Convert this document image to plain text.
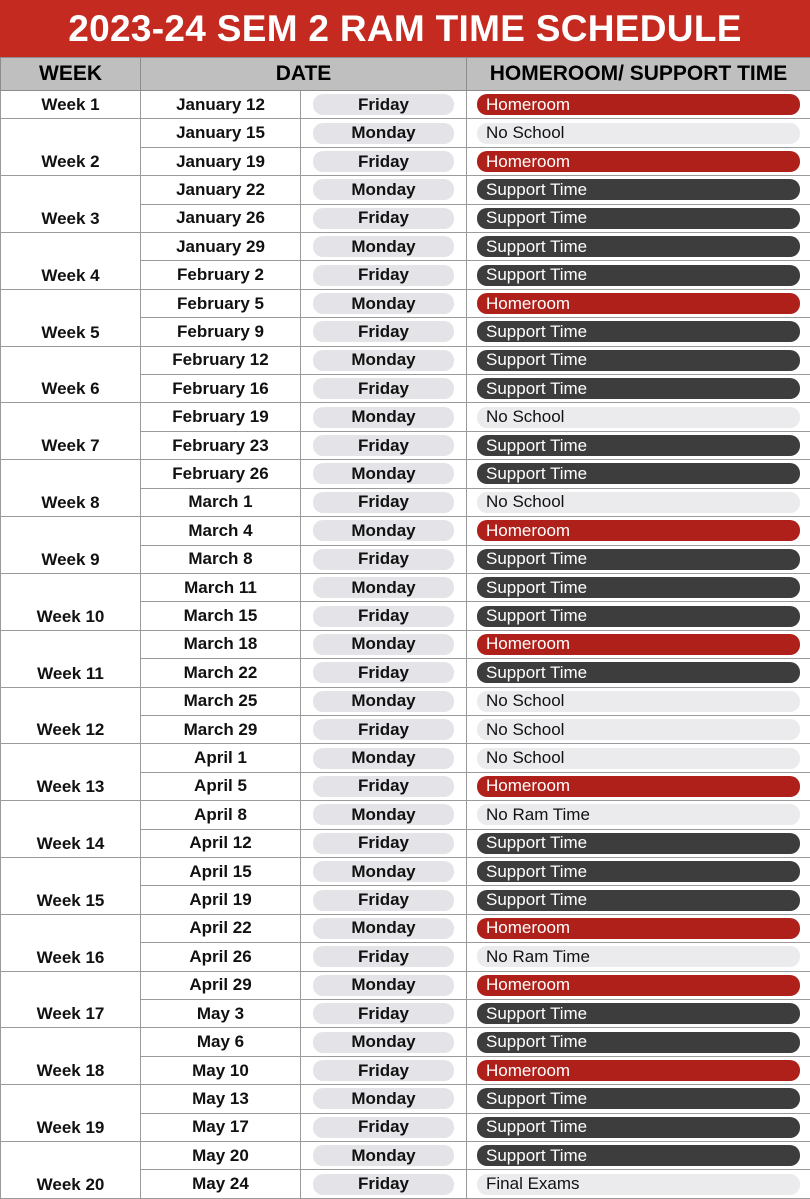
2023-24 SEM 2 RAM TIME SCHEDULE
WEEK	DATE		HOMEROOM/ SUPPORT TIME
Week 1	January 12	Friday	Homeroom

Week 2	January 15	Monday	No School

	January 19	Friday	Homeroom

Week 3	January 22	Monday	Support Time

	January 26	Friday	Support Time

Week 4	January 29	Monday	Support Time

	February 2	Friday	Support Time

Week 5	February 5	Monday	Homeroom

	February 9	Friday	Support Time

Week 6	February 12	Monday	Support Time

	February 16	Friday	Support Time

Week 7	February 19	Monday	No School

	February 23	Friday	Support Time

Week 8	February 26	Monday	Support Time

	March 1	Friday	No School

Week 9	March 4	Monday	Homeroom

	March 8	Friday	Support Time

Week 10	March 11	Monday	Support Time

	March 15	Friday	Support Time

Week 11	March 18	Monday	Homeroom

	March 22	Friday	Support Time

Week 12	March 25	Monday	No School

	March 29	Friday	No School

Week 13	April 1	Monday	No School

	April 5	Friday	Homeroom

Week 14	April 8	Monday	No Ram Time

	April 12	Friday	Support Time

Week 15	April 15	Monday	Support Time

	April 19	Friday	Support Time

Week 16	April 22	Monday	Homeroom

	April 26	Friday	No Ram Time

Week 17	April 29	Monday	Homeroom

	May 3	Friday	Support Time

Week 18	May 6	Monday	Support Time

	May 10	Friday	Homeroom

Week 19	May 13	Monday	Support Time

	May 17	Friday	Support Time

Week 20	May 20	Monday	Support Time

	May 24	Friday	Final Exams
